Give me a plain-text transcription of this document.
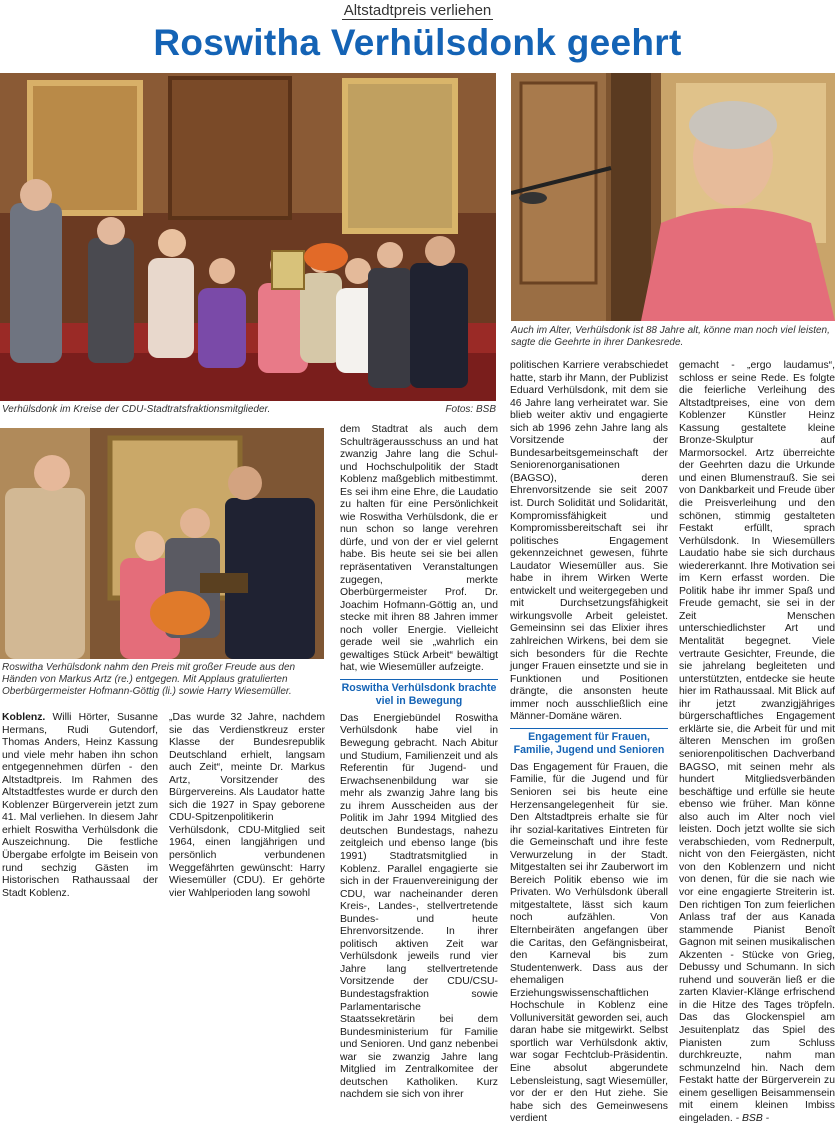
Altstadtpreis verliehen
Roswitha Verhülsdonk geehrt
Verhülsdonk im Kreise der CDU-Stadtratsfraktionsmitglieder.	Fotos: BSB
Auch im Alter, Verhülsdonk ist 88 Jahre alt, könne man noch viel leisten, sagte die Geehrte in ihrer Dankesrede.
Roswitha Verhülsdonk nahm den Preis mit großer Freude aus den Händen von Markus Artz (re.) entgegen. Mit Applaus gratulierten Oberbürgermeister Hofmann-Göttig (li.) sowie Harry Wiesemüller.

Koblenz. Willi Hörter, Susanne Hermans, Rudi Gutendorf, Thomas Anders, Heinz Kassung und viele mehr haben ihn schon entgegennehmen dürfen - den Altstadtpreis. Im Rahmen des Altstadtfestes wurde er durch den Koblenzer Bürgerverein jetzt zum 41. Mal verliehen. In diesem Jahr erhielt Roswitha Verhülsdonk die Auszeichnung. Die festliche Übergabe erfolgte im Beisein von rund sechzig Gästen im Historischen Rathaussaal der Stadt Koblenz.

„Das wurde 32 Jahre, nachdem sie das Verdienstkreuz erster Klasse der Bundesrepublik Deutschland erhielt, langsam auch Zeit“, meinte Dr. Markus Artz, Vorsitzender des Bürgervereins. Als Laudator hatte sich die 1927 in Spay geborene CDU-Spitzenpolitikerin Verhülsdonk, CDU-Mitglied seit 1964, einen langjährigen und persönlich verbundenen Weggefährten gewünscht: Harry Wiesemüller (CDU). Er gehörte vier Wahlperioden lang sowohl

dem Stadtrat als auch dem Schulträgerausschuss an und hat zwanzig Jahre lang die Schul- und Hochschulpolitik der Stadt Koblenz maßgeblich mitbestimmt. Es sei ihm eine Ehre, die Laudatio zu halten für eine Persönlichkeit wie Roswitha Verhülsdonk, die er nun schon so lange verehren dürfe, und von der er viel gelernt habe. Bis heute sei sie bei allen repräsentativen Veranstaltungen zugegen, merkte Oberbürgermeister Prof. Dr. Joachim Hofmann-Göttig an, und stecke mit ihren 88 Jahren immer noch voller Energie. Vielleicht gerade weil sie „wahrlich ein gewaltiges Stück Arbeit“ bewältigt hat, wie Wiesemüller aufzeigte.

Roswitha Verhülsdonk brachte viel in Bewegung

Das Energiebündel Roswitha Verhülsdonk habe viel in Bewegung gebracht. Nach Abitur und Studium, Familienzeit und als Referentin für Jugend- und Erwachsenenbildung war sie mehr als zwanzig Jahre lang bis zu ihrem Ausscheiden aus der Politik im Jahr 1994 Mitglied des deutschen Bundestags, nahezu zeitgleich und ebenso lange (bis 1991) Stadtratsmitglied in Koblenz. Parallel engagierte sie sich in der Frauenvereinigung der CDU, war nacheinander deren Kreis-, Landes-, stellvertretende Bundes- und heute Ehrenvorsitzende. In ihrer politisch aktiven Zeit war Verhülsdonk jeweils rund vier Jahre lang stellvertretende Vorsitzende der CDU/CSU-Bundestagsfraktion sowie Parlamentarische Staatssekretärin bei dem Bundesministerium für Familie und Senioren. Und ganz nebenbei war sie zwanzig Jahre lang Mitglied im Zentralkomitee der deutschen Katholiken. Kurz nachdem sie sich von ihrer

politischen Karriere verabschiedet hatte, starb ihr Mann, der Publizist Eduard Verhülsdonk, mit dem sie 46 Jahre lang verheiratet war. Sie blieb weiter aktiv und engagierte sich ab 1996 zehn Jahre lang als Vorsitzende der Bundesarbeitsgemeinschaft der Seniorenorganisationen (BAGSO), deren Ehrenvorsitzende sie seit 2007 ist. Durch Solidität und Solidarität, Kompromissfähigkeit und Kompromissbereitschaft sei ihr politisches Engagement gekennzeichnet gewesen, führte Laudator Wiesemüller aus. Sie habe in ihrem Wirken Werte entwickelt und weitergegeben und mit Durchsetzungsfähigkeit wirkungsvolle Arbeit geleistet. Gemeinsinn sei das Elixier ihres zahlreichen Wirkens, bei dem sie sich besonders für die Rechte junger Frauen einsetzte und sie in Funktionen und Positionen drängte, die ansonsten heute immer noch ausschließlich eine Männer-Domäne wären.

Engagement für Frauen, Familie, Jugend und Senioren

Das Engagement für Frauen, die Familie, für die Jugend und für Senioren sei bis heute eine Herzensangelegenheit für sie. Den Altstadtpreis erhalte sie für ihr sozial-karitatives Eintreten für die Gemeinschaft und ihre feste Verwurzelung in der Stadt. Mitgestalten sei ihr Zauberwort im Bereich Politik ebenso wie im Privaten. Wo Verhülsdonk überall mitgestaltete, lässt sich kaum noch aufzählen. Von Elternbeiräten angefangen über die Caritas, den Gefängnisbeirat, den Karneval bis zum Studentenwerk. Dass aus der ehemaligen Erziehungswissenschaftlichen Hochschule in Koblenz eine Volluniversität geworden sei, auch daran habe sie mitgewirkt. Selbst sportlich war Verhülsdonk aktiv, war sogar Fechtclub-Präsidentin. Eine absolut abgerundete Lebensleistung, sagt Wiesemüller, vor der er den Hut ziehe. Sie habe sich des Gemeinwesens verdient

gemacht - „ergo laudamus“, schloss er seine Rede. Es folgte die feierliche Verleihung des Altstadtpreises, eine von dem Koblenzer Künstler Heinz Kassung gestaltete kleine Bronze-Skulptur auf Marmorsockel. Artz überreichte der Geehrten dazu die Urkunde und einen Blumenstrauß. Sie sei von Dankbarkeit und Freude über die Preisverleihung und den schönen, stimmig gestalteten Festakt erfüllt, sprach Verhülsdonk. In Wiesemüllers Laudatio habe sie sich durchaus wiedererkannt. Ihre Motivation sei im Kern erfasst worden. Die Politik habe ihr immer Spaß und Freude gemacht, sie sei in der Zeit Menschen unterschiedlichster Art und Mentalität begegnet. Viele vertraute Gesichter, Freunde, die sie jahrelang begleiteten und unterstützten, entdecke sie heute hier im Rathaussaal. Mit Blick auf ihr jetzt zwanzigjähriges bürgerschaftliches Engagement erklärte sie, die Arbeit für und mit älteren Menschen im großen seniorenpolitischen Dachverband BAGSO, mit seinen mehr als hundert Mitgliedsverbänden beschäftige und erfülle sie heute ebenso wie früher. Man könne also auch im Alter noch viel leisten. Doch jetzt wollte sie sich verabschieden, vom Rednerpult, nicht von den Feiergästen, nicht von den Koblenzern und nicht von denen, für die sie nach wie vor eine engagierte Streiterin ist. Den richtigen Ton zum feierlichen Anlass traf der aus Kanada stammende Pianist Benoît Gagnon mit seinen musikalischen Akzenten - Stücke von Grieg, Debussy und Schumann. In sich ruhend und souverän ließ er die zarten Klavier-Klänge erfrischend in die Hitze des Tages tröpfeln. Das das Glockenspiel am Jesuitenplatz das Spiel des Pianisten zum Schluss durchkreuzte, nahm man schmunzelnd hin. Nach dem Festakt hatte der Bürgerverein zu einem geselligen Beisammensein mit einem kleinen Imbiss eingeladen. - BSB -
